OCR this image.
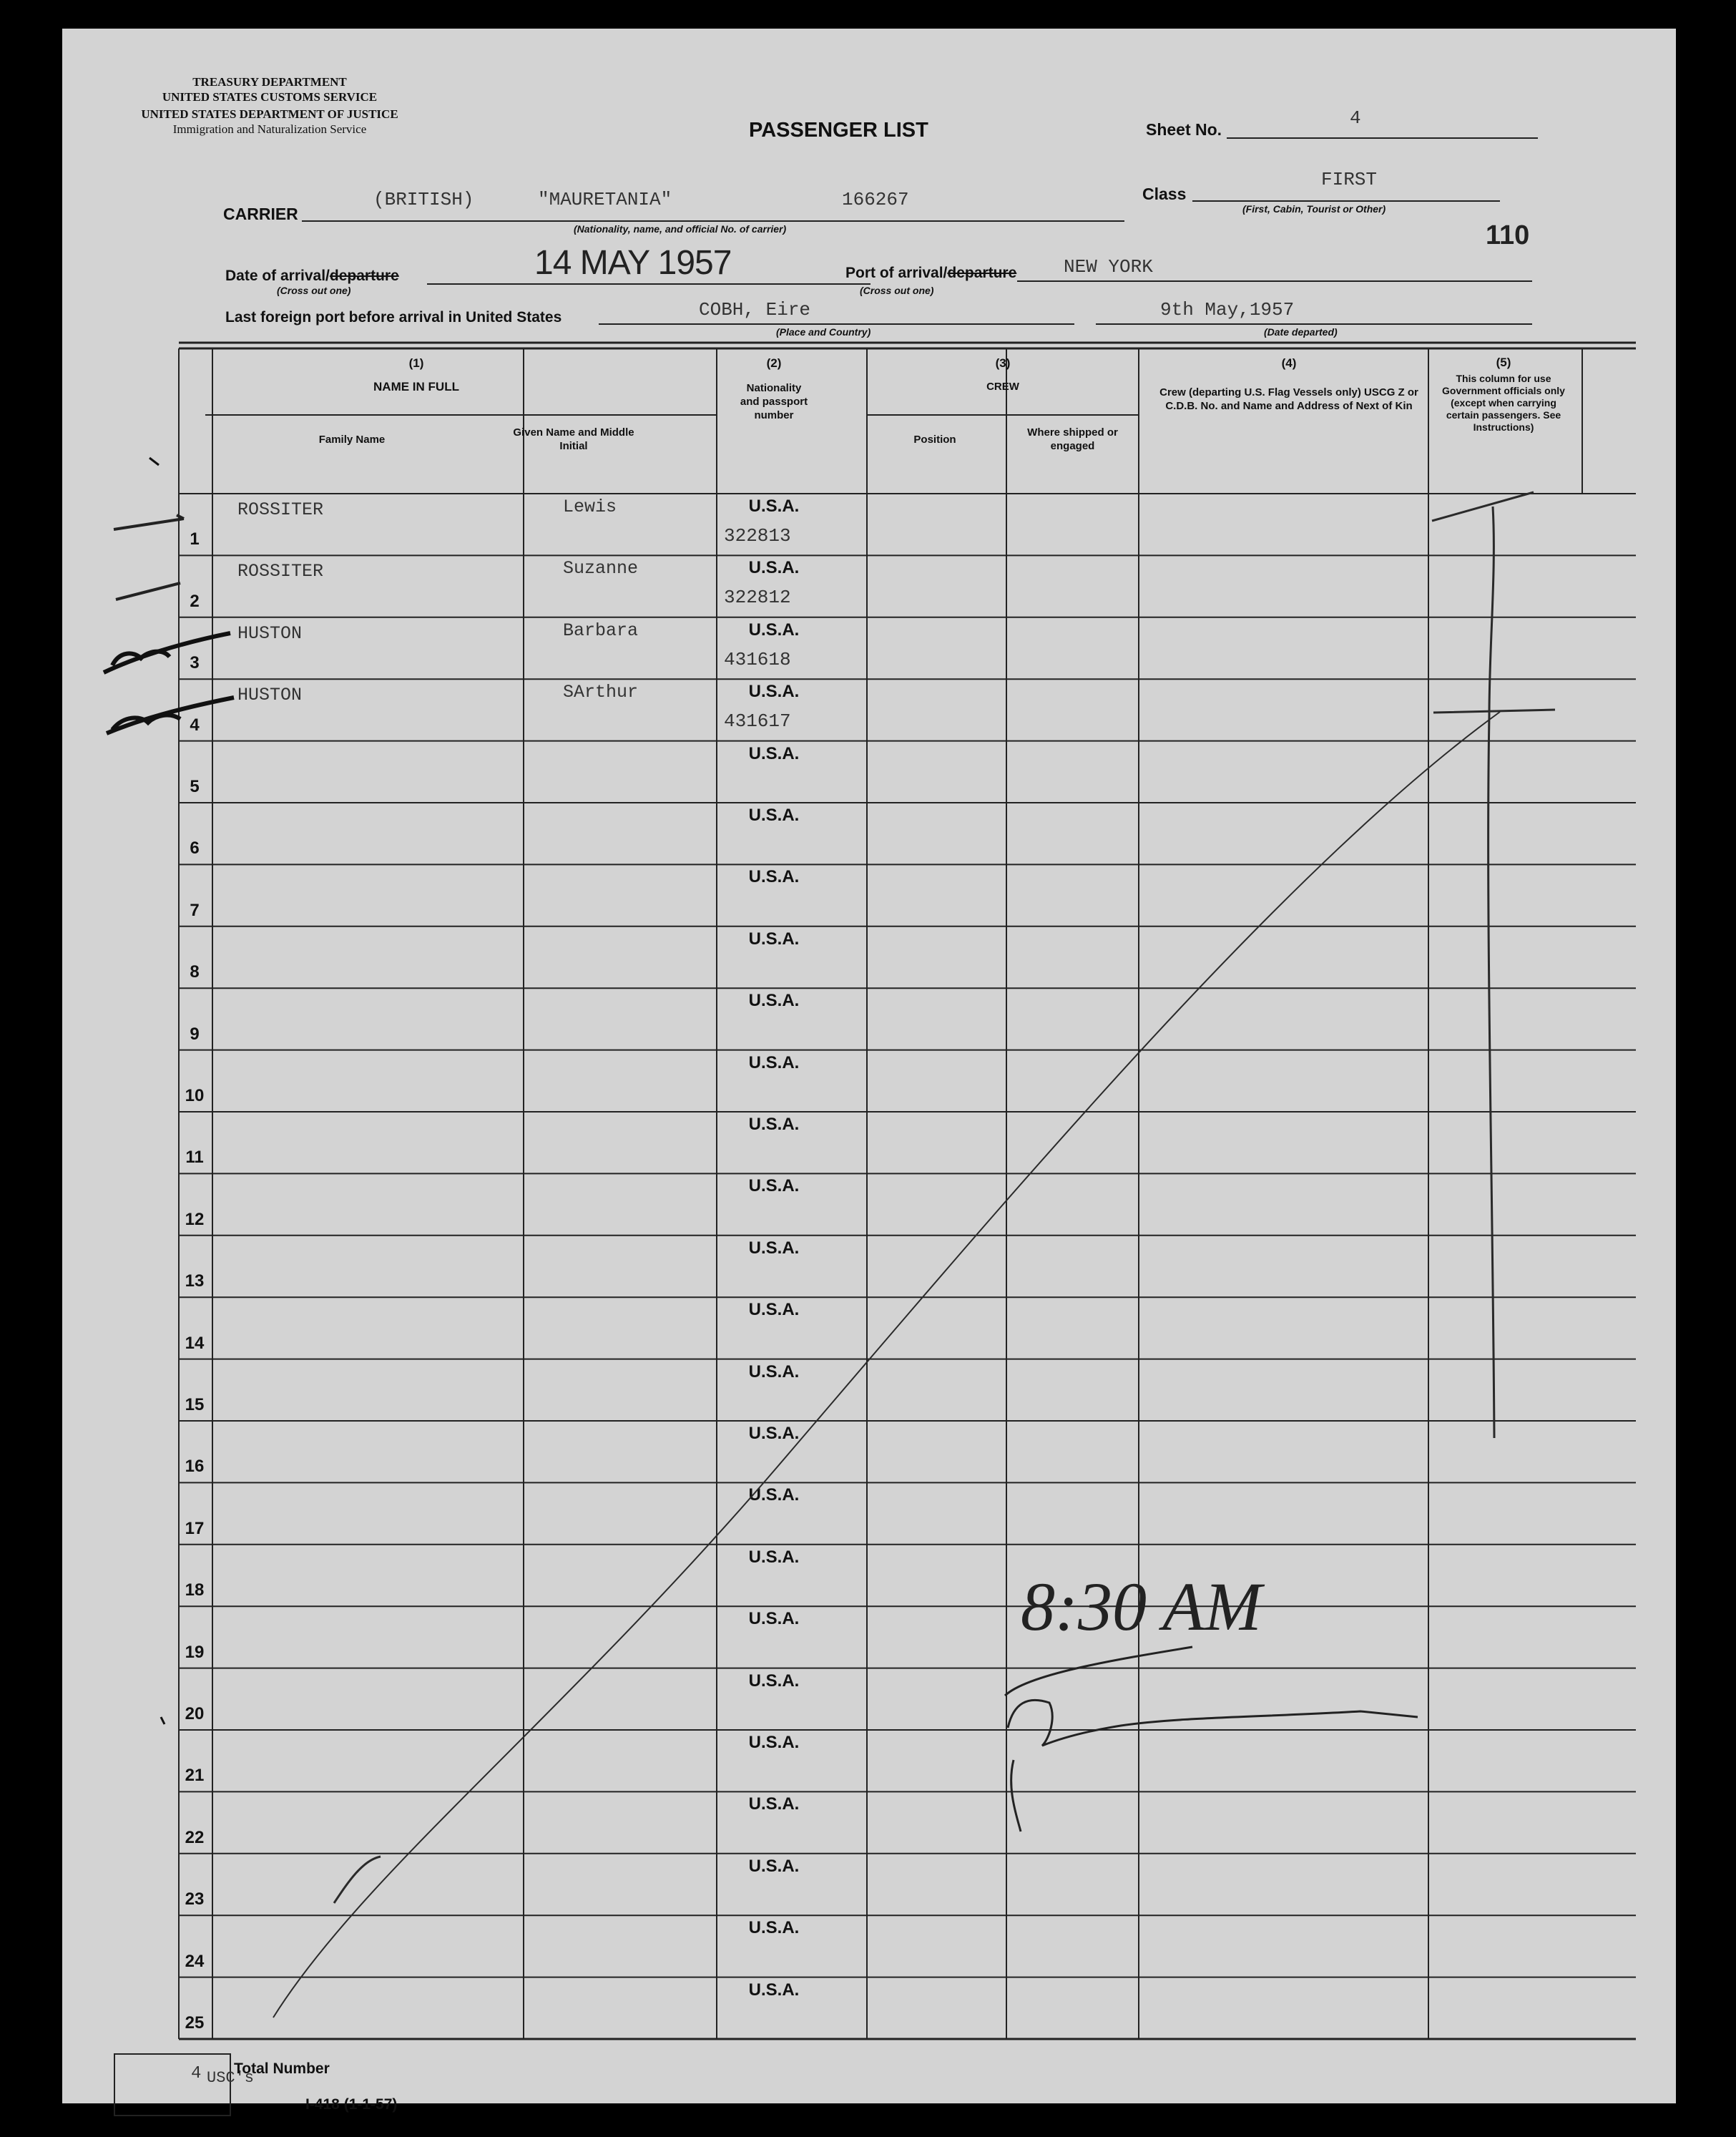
TREASURY DEPARTMENT
UNITED STATES CUSTOMS SERVICE
UNITED STATES DEPARTMENT OF JUSTICE
Immigration and Naturalization Service	PASSENGER LIST	Sheet No.
4
Class
FIRST
(First, Cabin, Tourist or Other)
110
CARRIER
(BRITISH)	"MAURETANIA"	166267
(Nationality, name, and official No. of carrier)
Date of arrival/departure	14 MAY 1957
(Cross out one)
Port of arrival/departure	NEW YORK
(Cross out one)
Last foreign port before arrival in United States	COBH, Eire
(Place and Country)
9th May,1957
(Date departed)
(1)
NAME IN FULL
Family Name
Given Name and Middle Initial
(2)
Nationality and passport number
(3)
CREW
Position
Where shipped or engaged
(4)
Crew (departing U.S. Flag Vessels only) USCG Z or C.D.B. No. and Name and Address of Next of Kin
(5)
This column for use Government officials only (except when carrying certain passengers. See Instructions)
1
ROSSITER	Lewis	U.S.A.
322813
2
ROSSITER	Suzanne	U.S.A.
322812
3
HUSTON	Barbara	U.S.A.
431618
4
HUSTON	SArthur	U.S.A.
431617
5
U.S.A.
6
U.S.A.
7
U.S.A.
8
U.S.A.
9
U.S.A.
10
U.S.A.
11
U.S.A.
12
U.S.A.
13
U.S.A.
14
U.S.A.
15
U.S.A.
16
U.S.A.
17
U.S.A.
18
U.S.A.
19
U.S.A.
20
U.S.A.
21
U.S.A.
22
U.S.A.
23
U.S.A.
24
U.S.A.
25
U.S.A.
8:30 AM
4 USC's
Total Number
I-418 (1-1-57)
